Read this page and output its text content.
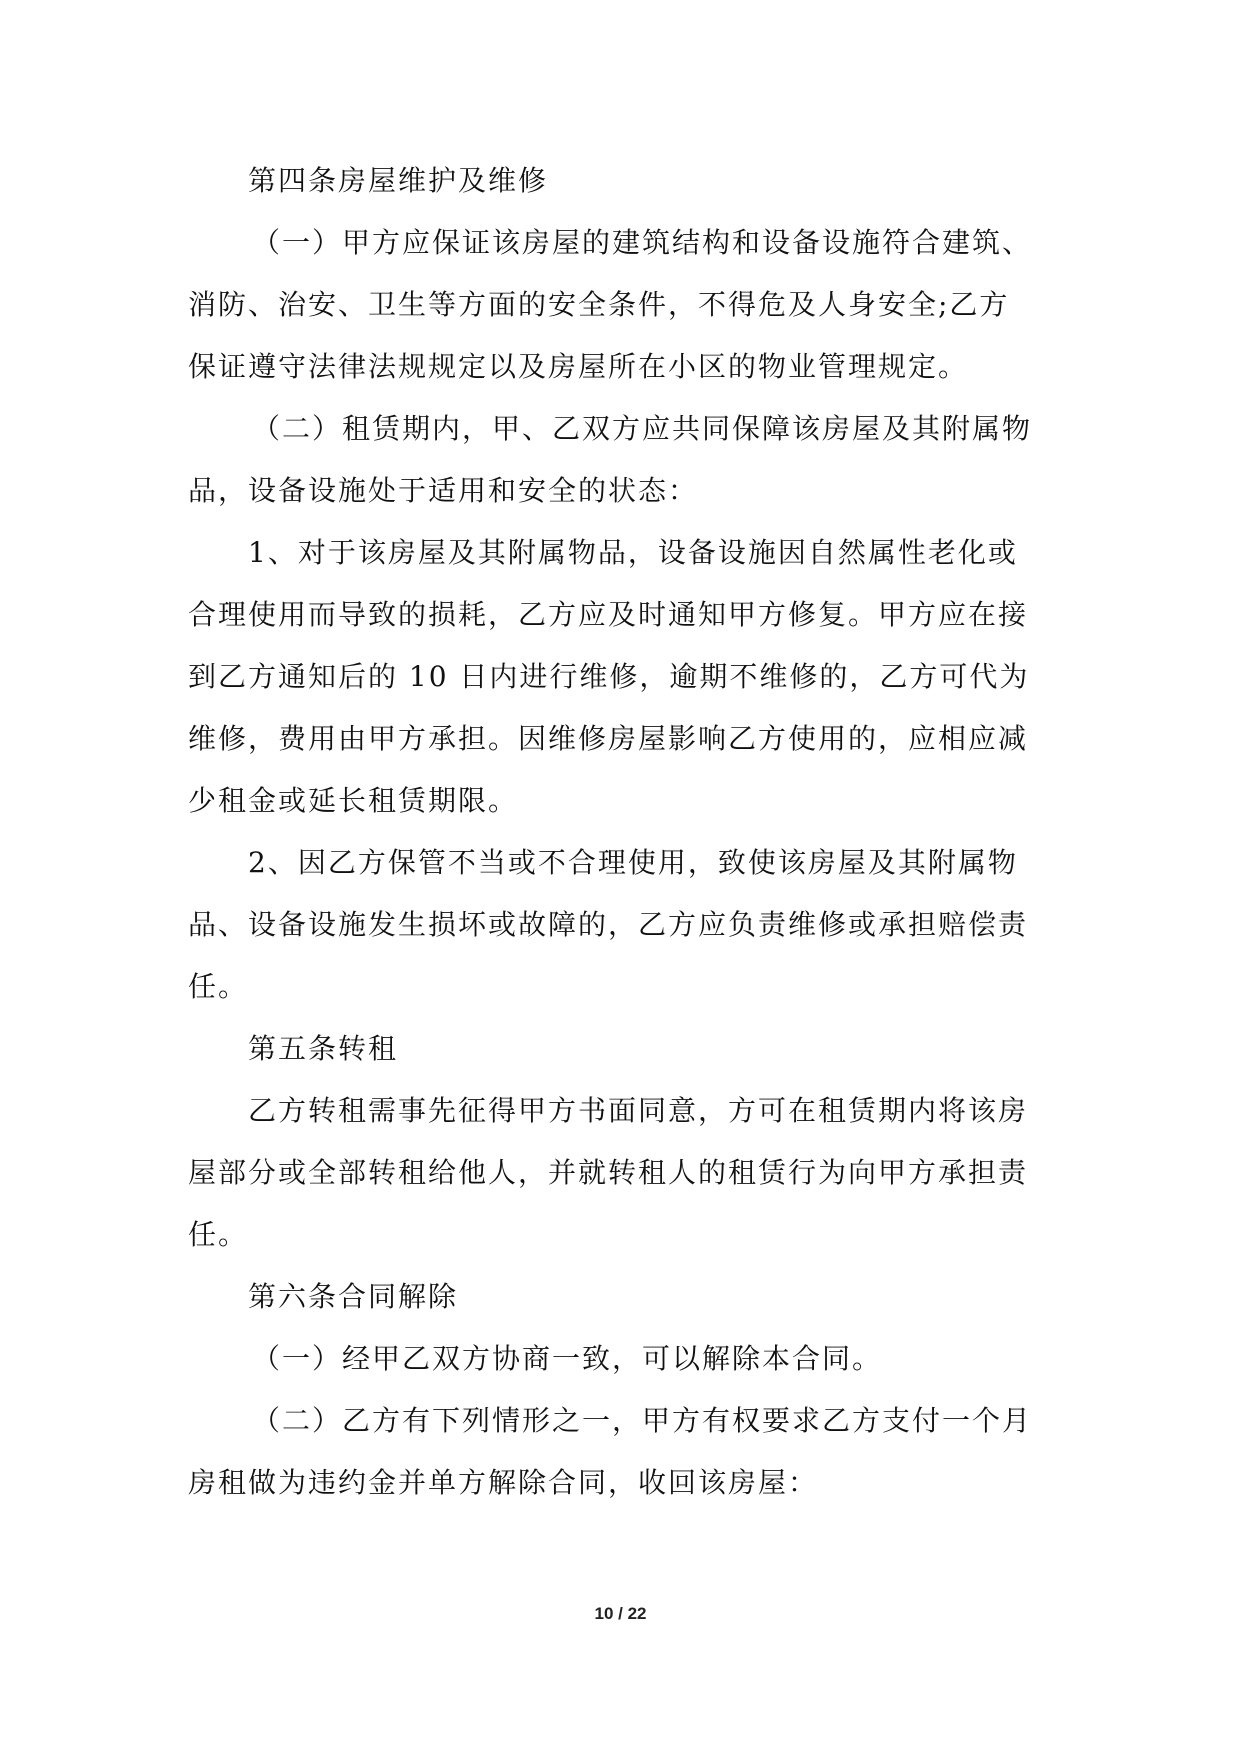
第四条房屋维护及维修
（一）甲方应保证该房屋的建筑结构和设备设施符合建筑、
消防、治安、卫生等方面的安全条件，不得危及人身安全;乙方
保证遵守法律法规规定以及房屋所在小区的物业管理规定。
（二）租赁期内，甲、乙双方应共同保障该房屋及其附属物
品，设备设施处于适用和安全的状态：
1、对于该房屋及其附属物品，设备设施因自然属性老化或
合理使用而导致的损耗，乙方应及时通知甲方修复。甲方应在接
到乙方通知后的 10 日内进行维修，逾期不维修的，乙方可代为
维修，费用由甲方承担。因维修房屋影响乙方使用的，应相应减
少租金或延长租赁期限。
2、因乙方保管不当或不合理使用，致使该房屋及其附属物
品、设备设施发生损坏或故障的，乙方应负责维修或承担赔偿责
任。
第五条转租
乙方转租需事先征得甲方书面同意，方可在租赁期内将该房
屋部分或全部转租给他人，并就转租人的租赁行为向甲方承担责
任。
第六条合同解除
（一）经甲乙双方协商一致，可以解除本合同。
（二）乙方有下列情形之一，甲方有权要求乙方支付一个月
房租做为违约金并单方解除合同，收回该房屋：
10 / 22
